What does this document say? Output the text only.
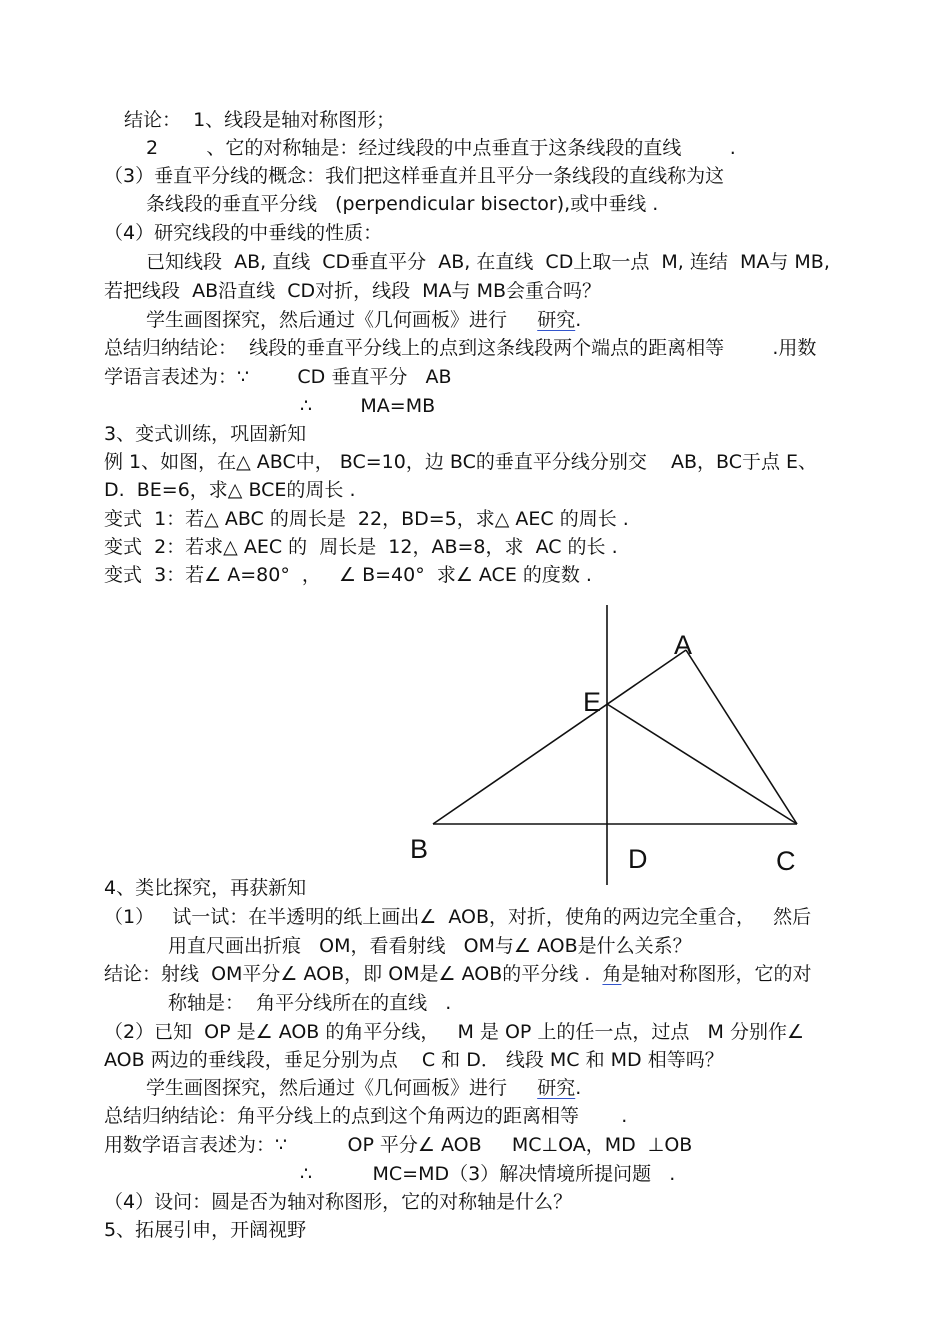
结论：  1、线段是轴对称图形；
2        、它的对称轴是：经过线段的中点垂直于这条线段的直线        .
（3）垂直平分线的概念：我们把这样垂直并且平分一条线段的直线称为这
条线段的垂直平分线   (perpendicular bisector),或中垂线 .
（4）研究线段的中垂线的性质：
已知线段  AB, 直线  CD垂直平分  AB, 在直线  CD上取一点  M, 连结  MA与 MB,
若把线段  AB沿直线  CD对折，线段  MA与 MB会重合吗？
学生画图探究，然后通过《几何画板》进行     研究.
总结归纳结论：  线段的垂直平分线上的点到这条线段两个端点的距离相等        .用数
学语言表述为：∵        CD 垂直平分   AB
∴        MA=MB
3、变式训练，巩固新知
例 1、如图，在△ ABC中， BC=10，边 BC的垂直平分线分别交    AB，BC于点 E、
D.  BE=6，求△ BCE的周长 .
变式  1：若△ ABC 的周长是  22，BD=5，求△ AEC 的周长 .
变式  2：若求△ AEC 的  周长是  12，AB=8，求  AC 的长 .
变式  3：若∠ A=80°  ，   ∠ B=40°  求∠ ACE 的度数 .
A
E
B	D	C
4、类比探究，再获新知
（1）   试一试：在半透明的纸上画出∠  AOB，对折，使角的两边完全重合，   然后
用直尺画出折痕   OM，看看射线   OM与∠ AOB是什么关系？
结论：射线  OM平分∠ AOB，即 OM是∠ AOB的平分线 .  角是轴对称图形，它的对
称轴是：  角平分线所在的直线   .
（2）已知  OP 是∠ AOB 的角平分线，   M 是 OP 上的任一点，过点   M 分别作∠
AOB 两边的垂线段，垂足分别为点    C 和 D． 线段 MC 和 MD 相等吗？
学生画图探究，然后通过《几何画板》进行     研究.
总结归纳结论：角平分线上的点到这个角两边的距离相等       .
用数学语言表述为：∵          OP 平分∠ AOB     MC⊥OA，MD  ⊥OB
∴          MC=MD（3）解决情境所提问题   .
（4）设问：圆是否为轴对称图形，它的对称轴是什么？
5、拓展引申，开阔视野
